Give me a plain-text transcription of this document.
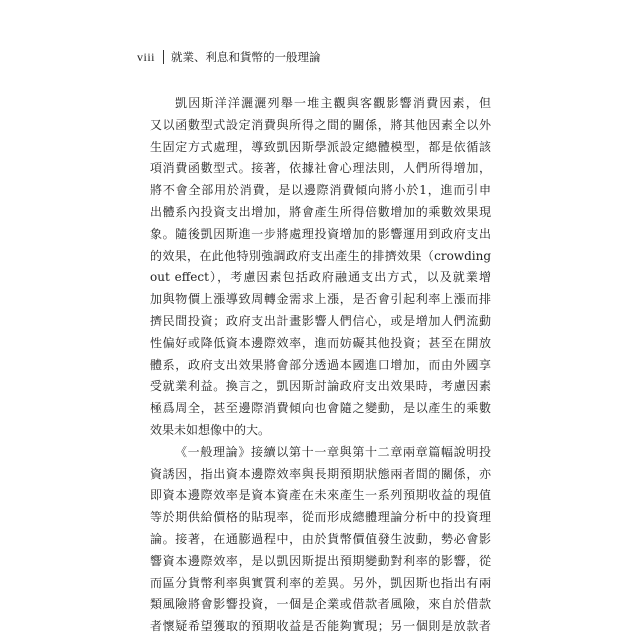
viii 就業、利息和貨幣的一般理論
凱因斯洋洋灑灑列舉一堆主觀與客觀影響消費因素，但
又以函數型式設定消費與所得之間的關係，將其他因素全以外
生固定方式處理，導致凱因斯學派設定總體模型，都是依循該
項消費函數型式。接著，依據社會心理法則，人們所得增加，
將不會全部用於消費，是以邊際消費傾向將小於1，進而引申
出體系內投資支出增加，將會產生所得倍數增加的乘數效果現
象。隨後凱因斯進一步將處理投資增加的影響運用到政府支出
的效果，在此他特別強調政府支出產生的排擠效果（crowding
out effect），考慮因素包括政府融通支出方式，以及就業增
加與物價上漲導致周轉金需求上漲，是否會引起利率上漲而排
擠民間投資；政府支出計畫影響人們信心，或是增加人們流動
性偏好或降低資本邊際效率，進而妨礙其他投資；甚至在開放
體系，政府支出效果將會部分透過本國進口增加，而由外國享
受就業利益。換言之，凱因斯討論政府支出效果時，考慮因素
極爲周全，甚至邊際消費傾向也會隨之變動，是以產生的乘數
效果未如想像中的大。
《一般理論》接續以第十一章與第十二章兩章篇幅說明投
資誘因，指出資本邊際效率與長期預期狀態兩者間的關係，亦
即資本邊際效率是資本資產在未來產生一系列預期收益的現值
等於期供給價格的貼現率，從而形成總體理論分析中的投資理
論。接著，在通膨過程中，由於貨幣價值發生波動，勢必會影
響資本邊際效率，是以凱因斯提出預期變動對利率的影響，從
而區分貨幣利率與實質利率的差異。另外，凱因斯也指出有兩
類風險將會影響投資，一個是企業或借款者風險，來自於借款
者懷疑希望獲取的預期收益是否能夠實現；另一個則是放款者
